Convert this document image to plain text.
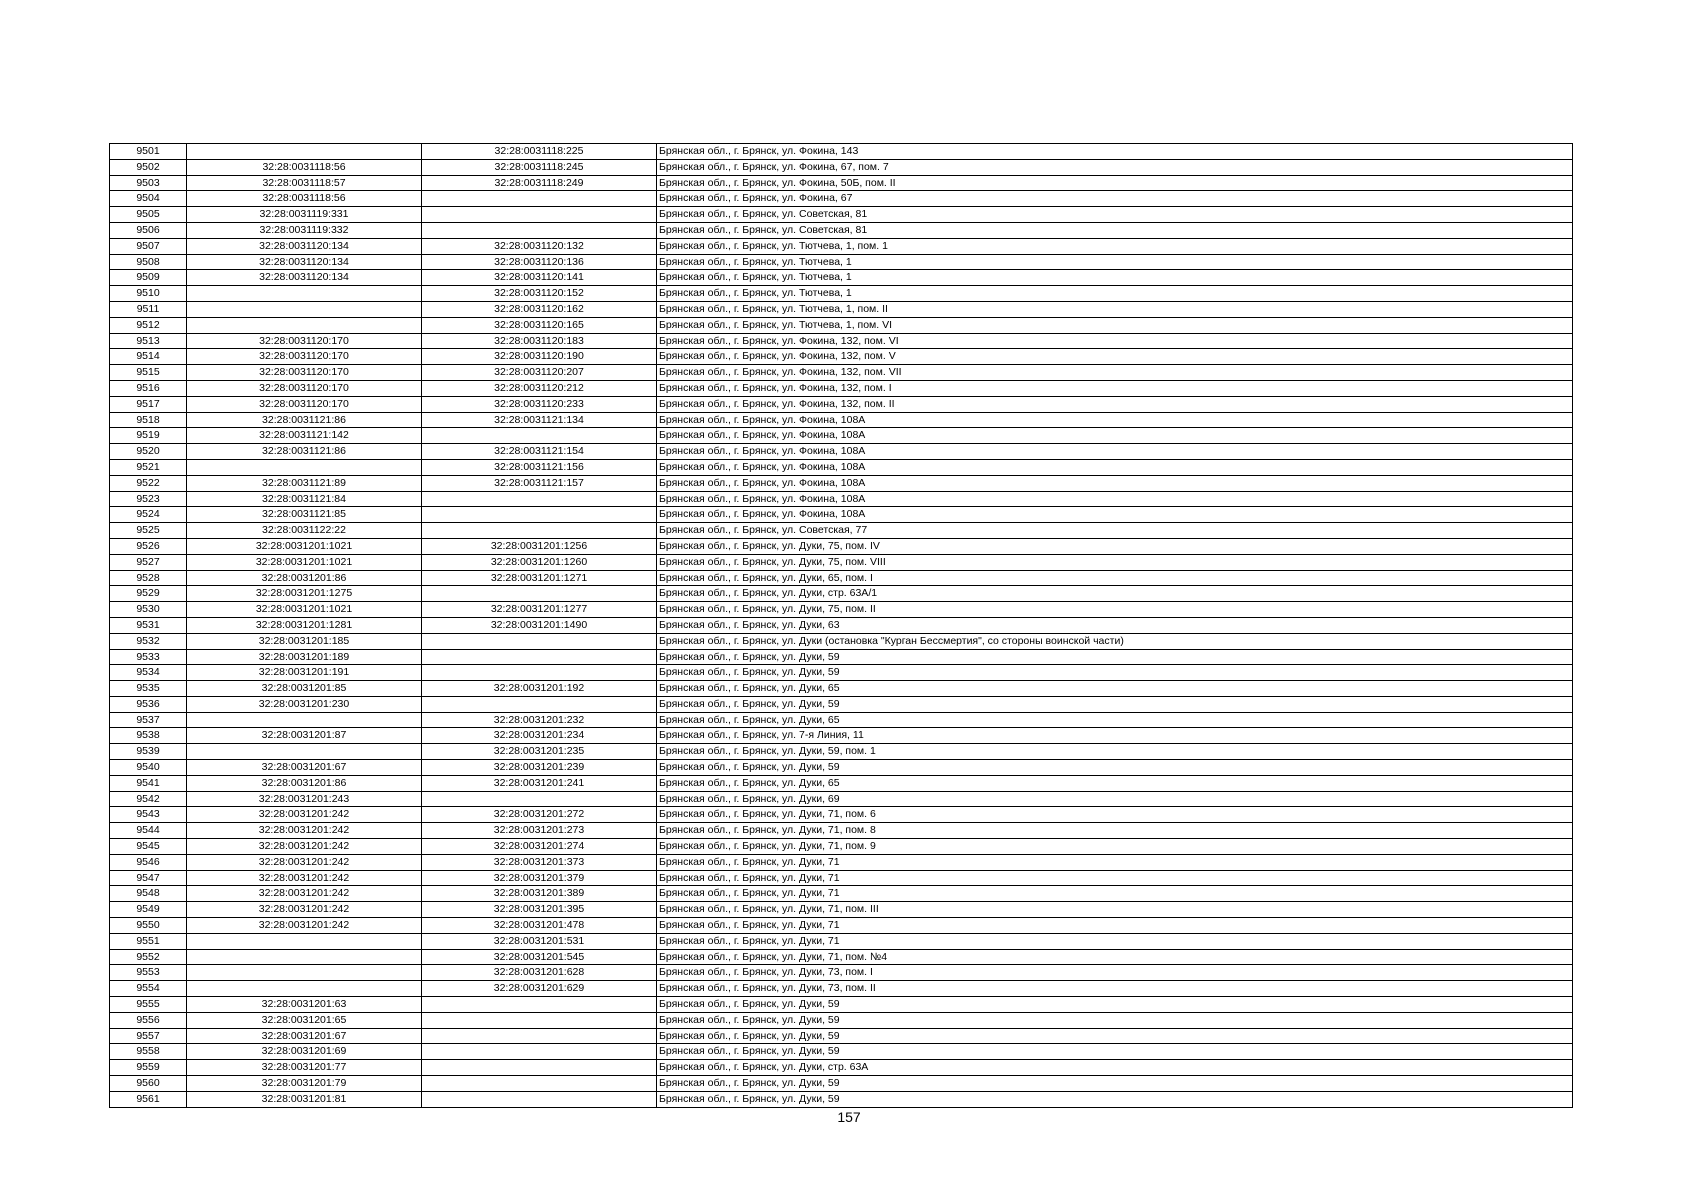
9501		32:28:0031118:225	Брянская обл., г. Брянск, ул. Фокина, 143
9502	32:28:0031118:56	32:28:0031118:245	Брянская обл., г. Брянск, ул. Фокина, 67, пом. 7
9503	32:28:0031118:57	32:28:0031118:249	Брянская обл., г. Брянск, ул. Фокина, 50Б, пом. II
9504	32:28:0031118:56		Брянская обл., г. Брянск, ул. Фокина, 67
9505	32:28:0031119:331		Брянская обл., г. Брянск, ул. Советская, 81
9506	32:28:0031119:332		Брянская обл., г. Брянск, ул. Советская, 81
9507	32:28:0031120:134	32:28:0031120:132	Брянская обл., г. Брянск, ул. Тютчева, 1, пом. 1
9508	32:28:0031120:134	32:28:0031120:136	Брянская обл., г. Брянск, ул. Тютчева, 1
9509	32:28:0031120:134	32:28:0031120:141	Брянская обл., г. Брянск, ул. Тютчева, 1
9510		32:28:0031120:152	Брянская обл., г. Брянск, ул. Тютчева, 1
9511		32:28:0031120:162	Брянская обл., г. Брянск, ул. Тютчева, 1, пом. II
9512		32:28:0031120:165	Брянская обл., г. Брянск, ул. Тютчева, 1, пом. VI
9513	32:28:0031120:170	32:28:0031120:183	Брянская обл., г. Брянск, ул. Фокина, 132, пом. VI
9514	32:28:0031120:170	32:28:0031120:190	Брянская обл., г. Брянск, ул. Фокина, 132, пом. V
9515	32:28:0031120:170	32:28:0031120:207	Брянская обл., г. Брянск, ул. Фокина, 132, пом. VII
9516	32:28:0031120:170	32:28:0031120:212	Брянская обл., г. Брянск, ул. Фокина, 132, пом. I
9517	32:28:0031120:170	32:28:0031120:233	Брянская обл., г. Брянск, ул. Фокина, 132, пом. II
9518	32:28:0031121:86	32:28:0031121:134	Брянская обл., г. Брянск, ул. Фокина, 108А
9519	32:28:0031121:142		Брянская обл., г. Брянск, ул. Фокина, 108А
9520	32:28:0031121:86	32:28:0031121:154	Брянская обл., г. Брянск, ул. Фокина, 108А
9521		32:28:0031121:156	Брянская обл., г. Брянск, ул. Фокина, 108А
9522	32:28:0031121:89	32:28:0031121:157	Брянская обл., г. Брянск, ул. Фокина, 108А
9523	32:28:0031121:84		Брянская обл., г. Брянск, ул. Фокина, 108А
9524	32:28:0031121:85		Брянская обл., г. Брянск, ул. Фокина, 108А
9525	32:28:0031122:22		Брянская обл., г. Брянск, ул. Советская, 77
9526	32:28:0031201:1021	32:28:0031201:1256	Брянская обл., г. Брянск, ул. Дуки, 75, пом. IV
9527	32:28:0031201:1021	32:28:0031201:1260	Брянская обл., г. Брянск, ул. Дуки, 75, пом. VIII
9528	32:28:0031201:86	32:28:0031201:1271	Брянская обл., г. Брянск, ул. Дуки, 65, пом. I
9529	32:28:0031201:1275		Брянская обл., г. Брянск, ул. Дуки, стр. 63А/1
9530	32:28:0031201:1021	32:28:0031201:1277	Брянская обл., г. Брянск, ул. Дуки, 75, пом. II
9531	32:28:0031201:1281	32:28:0031201:1490	Брянская обл., г. Брянск, ул. Дуки, 63
9532	32:28:0031201:185		Брянская обл., г. Брянск, ул. Дуки (остановка "Курган Бессмертия", со стороны воинской части)
9533	32:28:0031201:189		Брянская обл., г. Брянск, ул. Дуки, 59
9534	32:28:0031201:191		Брянская обл., г. Брянск, ул. Дуки, 59
9535	32:28:0031201:85	32:28:0031201:192	Брянская обл., г. Брянск, ул. Дуки, 65
9536	32:28:0031201:230		Брянская обл., г. Брянск, ул. Дуки, 59
9537		32:28:0031201:232	Брянская обл., г. Брянск, ул. Дуки, 65
9538	32:28:0031201:87	32:28:0031201:234	Брянская обл., г. Брянск, ул. 7-я Линия, 11
9539		32:28:0031201:235	Брянская обл., г. Брянск, ул. Дуки, 59, пом. 1
9540	32:28:0031201:67	32:28:0031201:239	Брянская обл., г. Брянск, ул. Дуки, 59
9541	32:28:0031201:86	32:28:0031201:241	Брянская обл., г. Брянск, ул. Дуки, 65
9542	32:28:0031201:243		Брянская обл., г. Брянск, ул. Дуки, 69
9543	32:28:0031201:242	32:28:0031201:272	Брянская обл., г. Брянск, ул. Дуки, 71, пом. 6
9544	32:28:0031201:242	32:28:0031201:273	Брянская обл., г. Брянск, ул. Дуки, 71, пом. 8
9545	32:28:0031201:242	32:28:0031201:274	Брянская обл., г. Брянск, ул. Дуки, 71, пом. 9
9546	32:28:0031201:242	32:28:0031201:373	Брянская обл., г. Брянск, ул. Дуки, 71
9547	32:28:0031201:242	32:28:0031201:379	Брянская обл., г. Брянск, ул. Дуки, 71
9548	32:28:0031201:242	32:28:0031201:389	Брянская обл., г. Брянск, ул. Дуки, 71
9549	32:28:0031201:242	32:28:0031201:395	Брянская обл., г. Брянск, ул. Дуки, 71, пом. III
9550	32:28:0031201:242	32:28:0031201:478	Брянская обл., г. Брянск, ул. Дуки, 71
9551		32:28:0031201:531	Брянская обл., г. Брянск, ул. Дуки, 71
9552		32:28:0031201:545	Брянская обл., г. Брянск, ул. Дуки, 71, пом. №4
9553		32:28:0031201:628	Брянская обл., г. Брянск, ул. Дуки, 73, пом. I
9554		32:28:0031201:629	Брянская обл., г. Брянск, ул. Дуки, 73, пом. II
9555	32:28:0031201:63		Брянская обл., г. Брянск, ул. Дуки, 59
9556	32:28:0031201:65		Брянская обл., г. Брянск, ул. Дуки, 59
9557	32:28:0031201:67		Брянская обл., г. Брянск, ул. Дуки, 59
9558	32:28:0031201:69		Брянская обл., г. Брянск, ул. Дуки, 59
9559	32:28:0031201:77		Брянская обл., г. Брянск, ул. Дуки, стр. 63А
9560	32:28:0031201:79		Брянская обл., г. Брянск, ул. Дуки, 59
9561	32:28:0031201:81		Брянская обл., г. Брянск, ул. Дуки, 59
157
